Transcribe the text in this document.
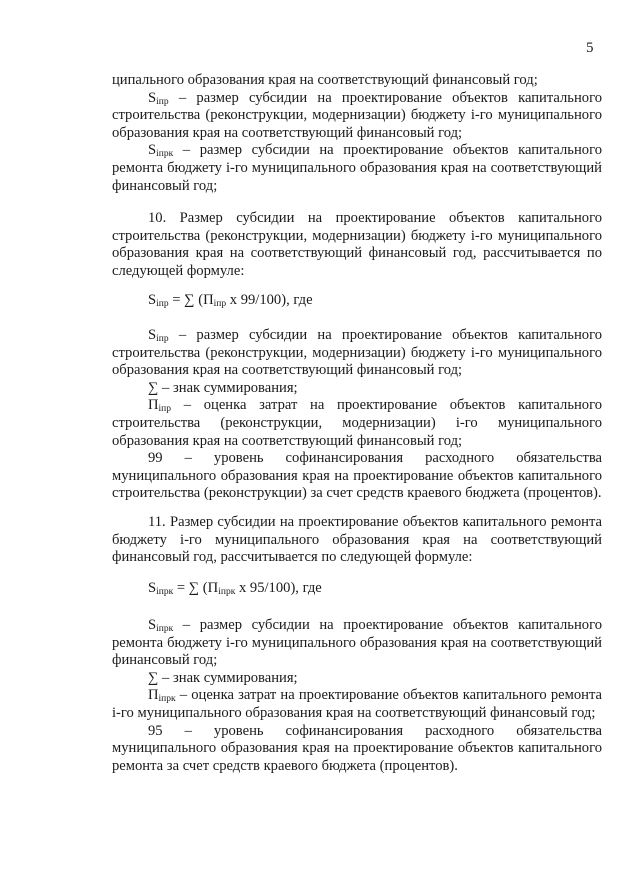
5
ципального образования края на соответствующий финансовый год;
$S_{iпр}$ – размер субсидии на проектирование объектов капитального строительства (реконструкции, модернизации) бюджету i-го муниципального образования края на соответствующий финансовый год;
$S_{iпрк}$ – размер субсидии на проектирование объектов капитального ремонта бюджету i-го муниципального образования края на соответствующий финансовый год;
10. Размер субсидии на проектирование объектов капитального строительства (реконструкции, модернизации) бюджету i-го муниципального образования края на соответствующий финансовый год, рассчитывается по следующей формуле:
$S_{iпр}$ = ∑ ($П_{iпр}$ x 99/100), где
$S_{iпр}$ – размер субсидии на проектирование объектов капитального строительства (реконструкции, модернизации) бюджету i-го муниципального образования края на соответствующий финансовый год;
∑ – знак суммирования;
$П_{iпр}$ – оценка затрат на проектирование объектов капитального строительства (реконструкции, модернизации) i-го муниципального образования края на соответствующий финансовый год;
99 – уровень софинансирования расходного обязательства муниципального образования края на проектирование объектов капитального строительства (реконструкции) за счет средств краевого бюджета (процентов).
11. Размер субсидии на проектирование объектов капитального ремонта бюджету i-го муниципального образования края на соответствующий финансовый год, рассчитывается по следующей формуле:
$S_{iпрк}$ = ∑ ($П_{iпрк}$ x 95/100), где
$S_{iпрк}$ – размер субсидии на проектирование объектов капитального ремонта бюджету i-го муниципального образования края на соответствующий финансовый год;
∑ – знак суммирования;
$П_{iпрк}$ – оценка затрат на проектирование объектов капитального ремонта i-го муниципального образования края на соответствующий финансовый год;
95 – уровень софинансирования расходного обязательства муниципального образования края на проектирование объектов капитального ремонта за счет средств краевого бюджета (процентов).
